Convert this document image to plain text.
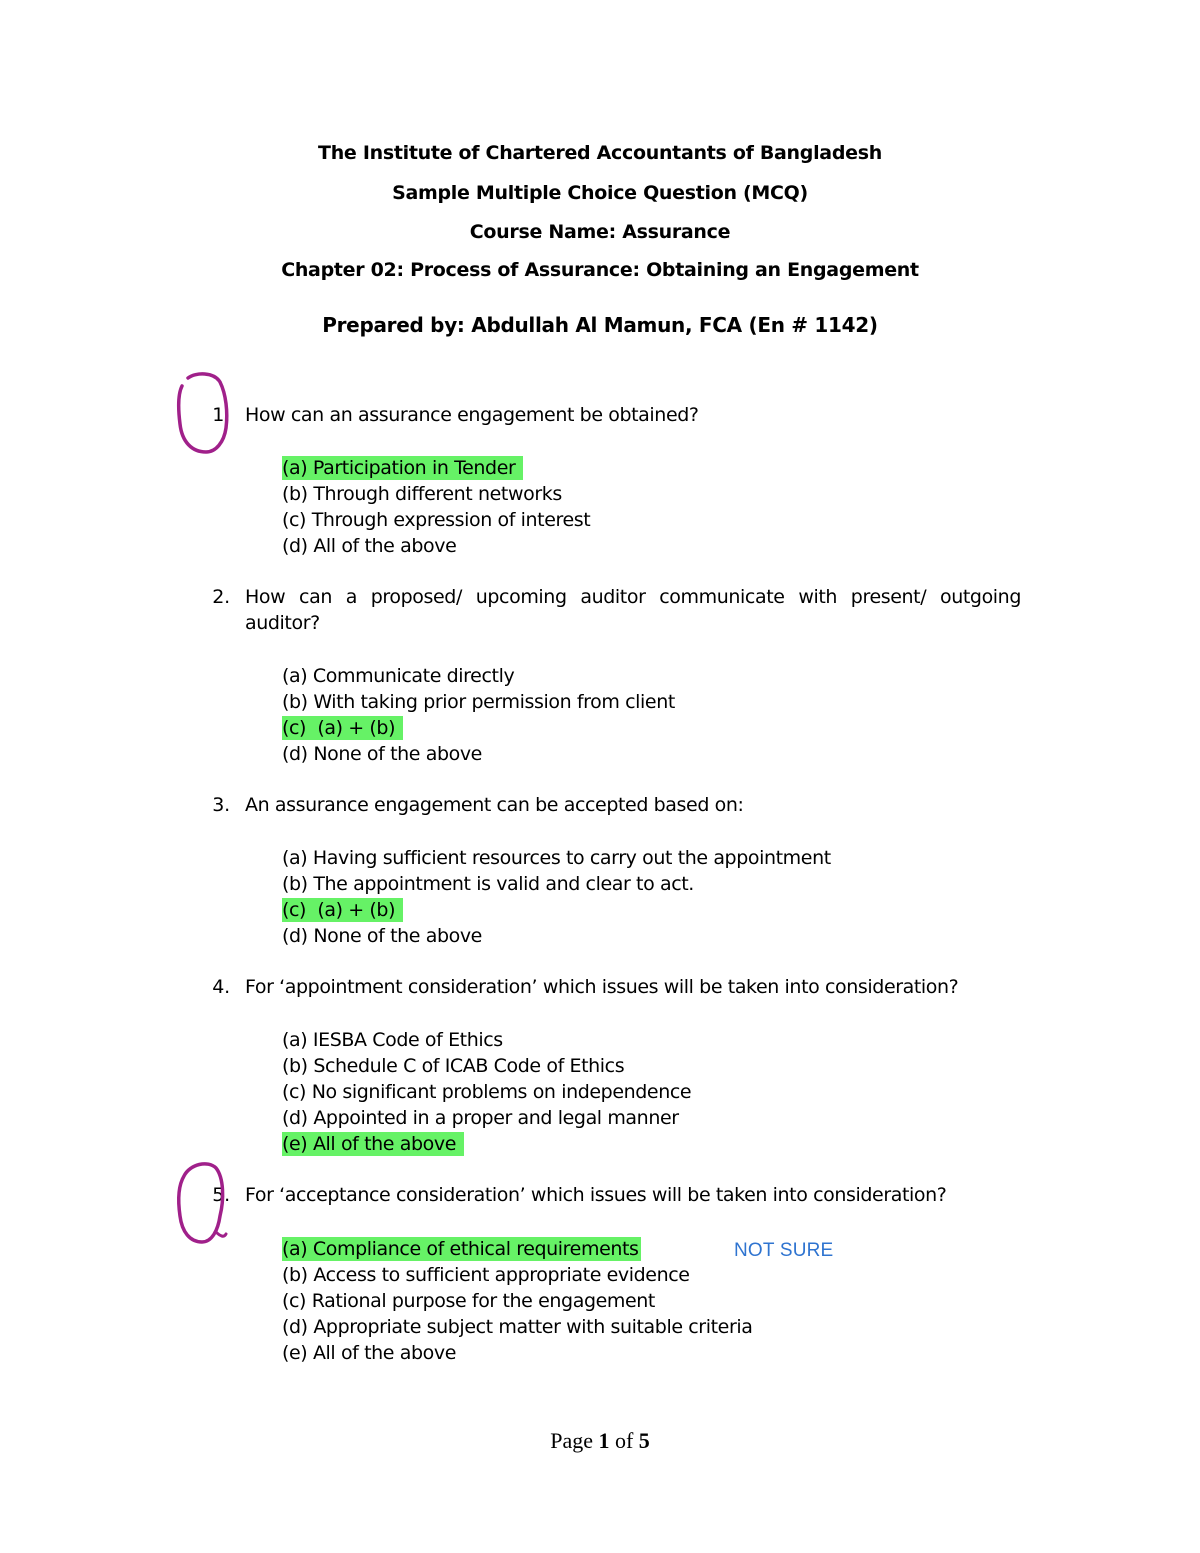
The Institute of Chartered Accountants of Bangladesh
Sample Multiple Choice Question (MCQ)
Course Name: Assurance
Chapter 02: Process of Assurance: Obtaining an Engagement
Prepared by: Abdullah Al Mamun, FCA (En # 1142)
1. How can an assurance engagement be obtained?
(a) Participation in Tender
(b) Through different networks
(c) Through expression of interest
(d) All of the above
2. How can a proposed/ upcoming auditor communicate with present/ outgoing
auditor?
(a) Communicate directly
(b) With taking prior permission from client
(c)  (a) + (b)
(d) None of the above
3. An assurance engagement can be accepted based on:
(a) Having sufficient resources to carry out the appointment
(b) The appointment is valid and clear to act.
(c)  (a) + (b)
(d) None of the above
4. For ‘appointment consideration’ which issues will be taken into consideration?
(a) IESBA Code of Ethics
(b) Schedule C of ICAB Code of Ethics
(c) No significant problems on independence
(d) Appointed in a proper and legal manner
(e) All of the above
5. For ‘acceptance consideration’ which issues will be taken into consideration?
(a) Compliance of ethical requirements
(b) Access to sufficient appropriate evidence
(c) Rational purpose for the engagement
(d) Appropriate subject matter with suitable criteria
(e) All of the above
NOT SURE
Page 1 of 5
